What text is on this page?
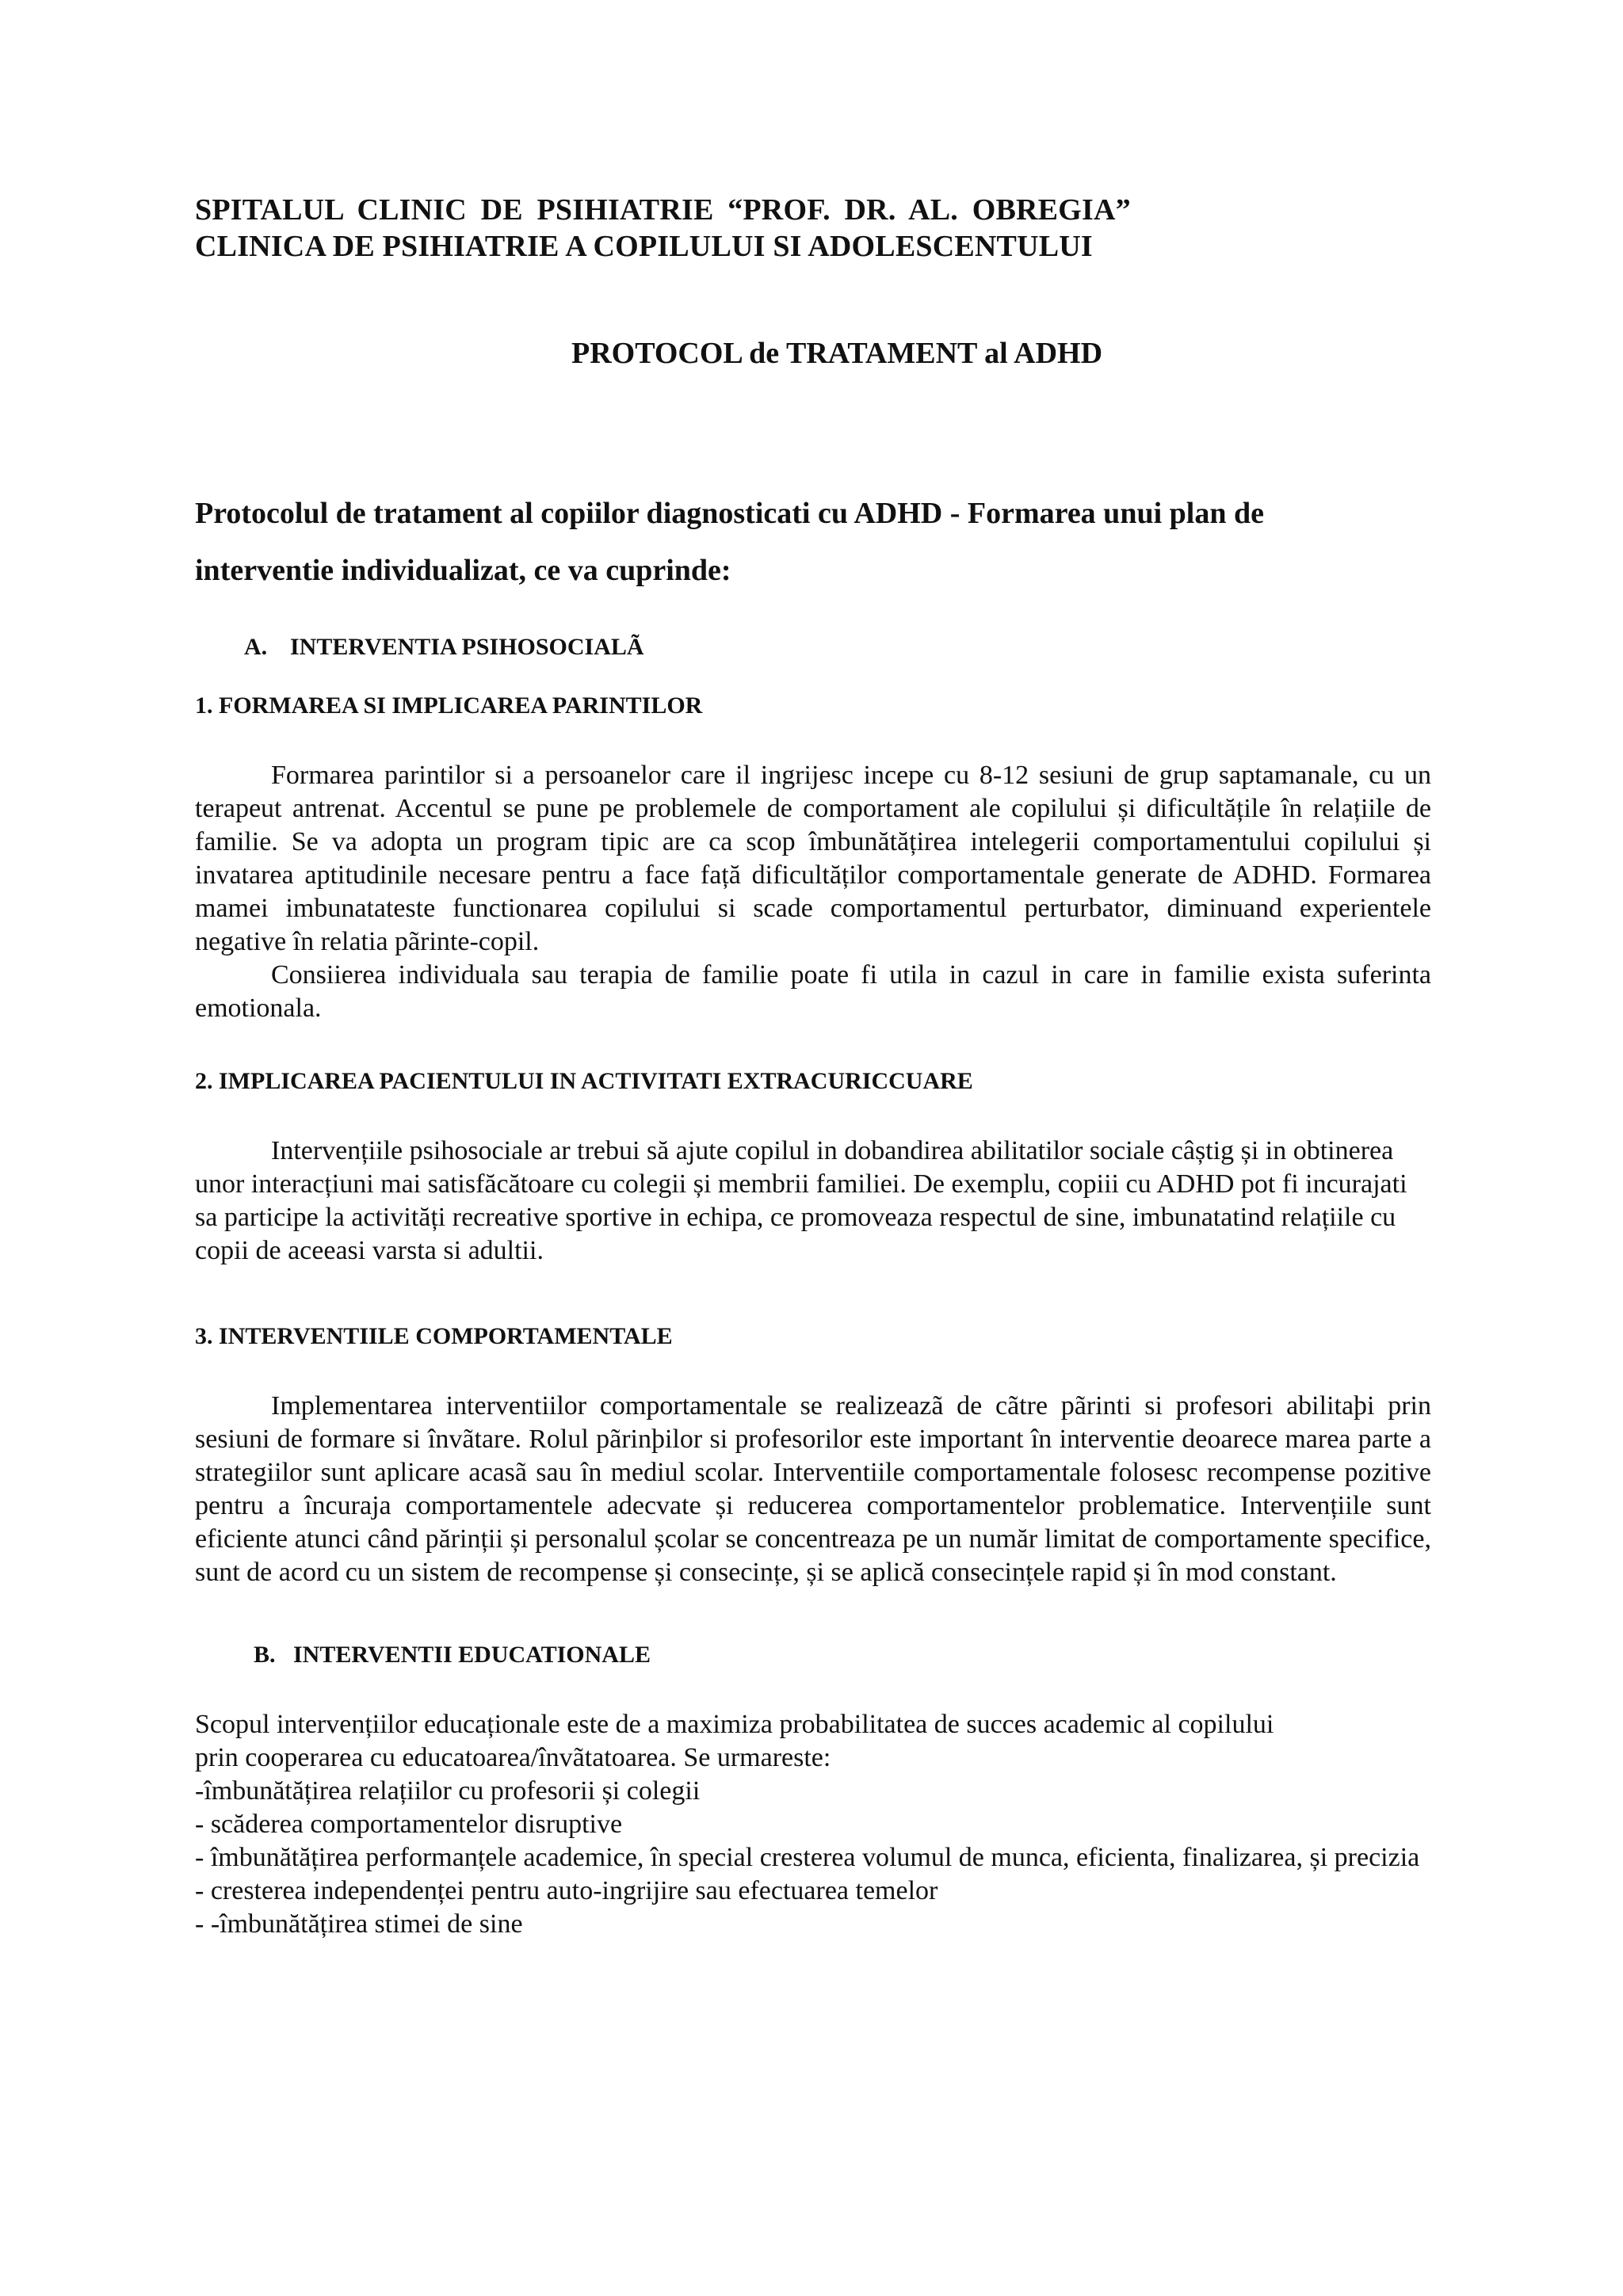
SPITALUL CLINIC DE PSIHIATRIE “PROF. DR. AL. OBREGIA”
CLINICA DE PSIHIATRIE A COPILULUI SI ADOLESCENTULUI
PROTOCOL de TRATAMENT al ADHD
Protocolul de tratament al copiilor diagnosticati cu ADHD - Formarea unui plan de interventie individualizat, ce va cuprinde:
A. INTERVENTIA PSIHOSOCIALÃ
1. FORMAREA SI IMPLICAREA PARINTILOR

Formarea parintilor si a persoanelor care il ingrijesc incepe cu 8-12 sesiuni de grup saptamanale, cu un terapeut antrenat. Accentul se pune pe problemele de comportament ale copilului și dificultățile în relațiile de familie. Se va adopta un program tipic are ca scop îmbunătățirea intelegerii comportamentului copilului și invatarea aptitudinile necesare pentru a face față dificultăților comportamentale generate de ADHD. Formarea mamei imbunatateste functionarea copilului si scade comportamentul perturbator, diminuand experientele negative în relatia pãrinte-copil.

Consiierea individuala sau terapia de familie poate fi utila in cazul in care in familie exista suferinta emotionala.

2. IMPLICAREA PACIENTULUI IN ACTIVITATI EXTRACURICCUARE

Intervențiile psihosociale ar trebui să ajute copilul in dobandirea abilitatilor sociale câștig și in obtinerea unor interacțiuni mai satisfăcătoare cu colegii și membrii familiei. De exemplu, copiii cu ADHD pot fi incurajati sa participe la activități recreative sportive in echipa, ce promoveaza respectul de sine, imbunatatind relațiile cu copii de aceeasi varsta si adultii.

3. INTERVENTIILE COMPORTAMENTALE

Implementarea interventiilor comportamentale se realizeazã de cãtre pãrinti si profesori abilitaþi prin sesiuni de formare si învãtare. Rolul pãrinþilor si profesorilor este important în interventie deoarece marea parte a strategiilor sunt aplicare acasã sau în mediul scolar. Interventiile comportamentale folosesc recompense pozitive pentru a încuraja comportamentele adecvate și reducerea comportamentelor problematice. Intervențiile sunt eficiente atunci când părinții și personalul școlar se concentreaza pe un număr limitat de comportamente specifice, sunt de acord cu un sistem de recompense și consecințe, și se aplică consecințele rapid și în mod constant.

B. INTERVENTII EDUCATIONALE
Scopul intervențiilor educaționale este de a maximiza probabilitatea de succes academic al copilului
prin cooperarea cu educatoarea/învãtatoarea. Se urmareste:
-îmbunătățirea relațiilor cu profesorii și colegii
- scăderea comportamentelor disruptive
- îmbunătățirea performanțele academice, în special cresterea volumul de munca, eficienta, finalizarea, și precizia
- cresterea independenței pentru auto-ingrijire sau efectuarea temelor
- -îmbunătățirea stimei de sine
